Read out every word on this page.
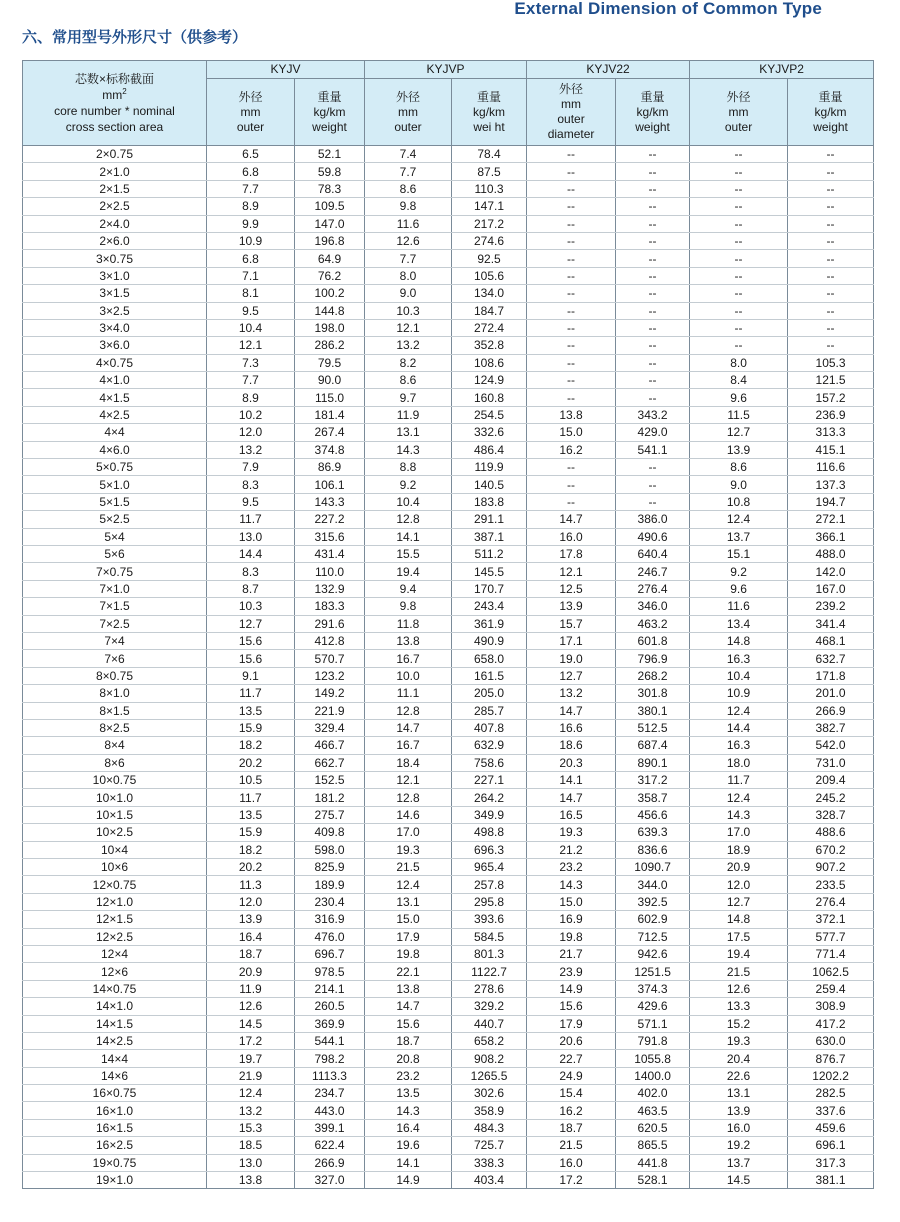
External Dimension of Common Type
六、常用型号外形尺寸（供参考）
芯数×标称截面
$mm^2$
core number * nominal
cross section area	KYJV		KYJVP		KYJV22		KYJVP2	

	外径
mm
outer	重量
kg/km
weight	外径
mm
outer	重量
kg/km
wei ht	外径
mm
outer
diameter	重量
kg/km
weight	外径
mm
outer	重量
kg/km
weight

2×0.75	6.5	52.1	7.4	78.4	--	--	--	--
2×1.0	6.8	59.8	7.7	87.5	--	--	--	--
2×1.5	7.7	78.3	8.6	110.3	--	--	--	--
2×2.5	8.9	109.5	9.8	147.1	--	--	--	--
2×4.0	9.9	147.0	11.6	217.2	--	--	--	--
2×6.0	10.9	196.8	12.6	274.6	--	--	--	--
3×0.75	6.8	64.9	7.7	92.5	--	--	--	--
3×1.0	7.1	76.2	8.0	105.6	--	--	--	--
3×1.5	8.1	100.2	9.0	134.0	--	--	--	--
3×2.5	9.5	144.8	10.3	184.7	--	--	--	--
3×4.0	10.4	198.0	12.1	272.4	--	--	--	--
3×6.0	12.1	286.2	13.2	352.8	--	--	--	--
4×0.75	7.3	79.5	8.2	108.6	--	--	8.0	105.3
4×1.0	7.7	90.0	8.6	124.9	--	--	8.4	121.5
4×1.5	8.9	115.0	9.7	160.8	--	--	9.6	157.2
4×2.5	10.2	181.4	11.9	254.5	13.8	343.2	11.5	236.9
4×4	12.0	267.4	13.1	332.6	15.0	429.0	12.7	313.3
4×6.0	13.2	374.8	14.3	486.4	16.2	541.1	13.9	415.1
5×0.75	7.9	86.9	8.8	119.9	--	--	8.6	116.6
5×1.0	8.3	106.1	9.2	140.5	--	--	9.0	137.3
5×1.5	9.5	143.3	10.4	183.8	--	--	10.8	194.7
5×2.5	11.7	227.2	12.8	291.1	14.7	386.0	12.4	272.1
5×4	13.0	315.6	14.1	387.1	16.0	490.6	13.7	366.1
5×6	14.4	431.4	15.5	511.2	17.8	640.4	15.1	488.0
7×0.75	8.3	110.0	19.4	145.5	12.1	246.7	9.2	142.0
7×1.0	8.7	132.9	9.4	170.7	12.5	276.4	9.6	167.0
7×1.5	10.3	183.3	9.8	243.4	13.9	346.0	11.6	239.2
7×2.5	12.7	291.6	11.8	361.9	15.7	463.2	13.4	341.4
7×4	15.6	412.8	13.8	490.9	17.1	601.8	14.8	468.1
7×6	15.6	570.7	16.7	658.0	19.0	796.9	16.3	632.7
8×0.75	9.1	123.2	10.0	161.5	12.7	268.2	10.4	171.8
8×1.0	11.7	149.2	11.1	205.0	13.2	301.8	10.9	201.0
8×1.5	13.5	221.9	12.8	285.7	14.7	380.1	12.4	266.9
8×2.5	15.9	329.4	14.7	407.8	16.6	512.5	14.4	382.7
8×4	18.2	466.7	16.7	632.9	18.6	687.4	16.3	542.0
8×6	20.2	662.7	18.4	758.6	20.3	890.1	18.0	731.0
10×0.75	10.5	152.5	12.1	227.1	14.1	317.2	11.7	209.4
10×1.0	11.7	181.2	12.8	264.2	14.7	358.7	12.4	245.2
10×1.5	13.5	275.7	14.6	349.9	16.5	456.6	14.3	328.7
10×2.5	15.9	409.8	17.0	498.8	19.3	639.3	17.0	488.6
10×4	18.2	598.0	19.3	696.3	21.2	836.6	18.9	670.2
10×6	20.2	825.9	21.5	965.4	23.2	1090.7	20.9	907.2
12×0.75	11.3	189.9	12.4	257.8	14.3	344.0	12.0	233.5
12×1.0	12.0	230.4	13.1	295.8	15.0	392.5	12.7	276.4
12×1.5	13.9	316.9	15.0	393.6	16.9	602.9	14.8	372.1
12×2.5	16.4	476.0	17.9	584.5	19.8	712.5	17.5	577.7
12×4	18.7	696.7	19.8	801.3	21.7	942.6	19.4	771.4
12×6	20.9	978.5	22.1	1122.7	23.9	1251.5	21.5	1062.5
14×0.75	11.9	214.1	13.8	278.6	14.9	374.3	12.6	259.4
14×1.0	12.6	260.5	14.7	329.2	15.6	429.6	13.3	308.9
14×1.5	14.5	369.9	15.6	440.7	17.9	571.1	15.2	417.2
14×2.5	17.2	544.1	18.7	658.2	20.6	791.8	19.3	630.0
14×4	19.7	798.2	20.8	908.2	22.7	1055.8	20.4	876.7
14×6	21.9	1113.3	23.2	1265.5	24.9	1400.0	22.6	1202.2
16×0.75	12.4	234.7	13.5	302.6	15.4	402.0	13.1	282.5
16×1.0	13.2	443.0	14.3	358.9	16.2	463.5	13.9	337.6
16×1.5	15.3	399.1	16.4	484.3	18.7	620.5	16.0	459.6
16×2.5	18.5	622.4	19.6	725.7	21.5	865.5	19.2	696.1
19×0.75	13.0	266.9	14.1	338.3	16.0	441.8	13.7	317.3
19×1.0	13.8	327.0	14.9	403.4	17.2	528.1	14.5	381.1
